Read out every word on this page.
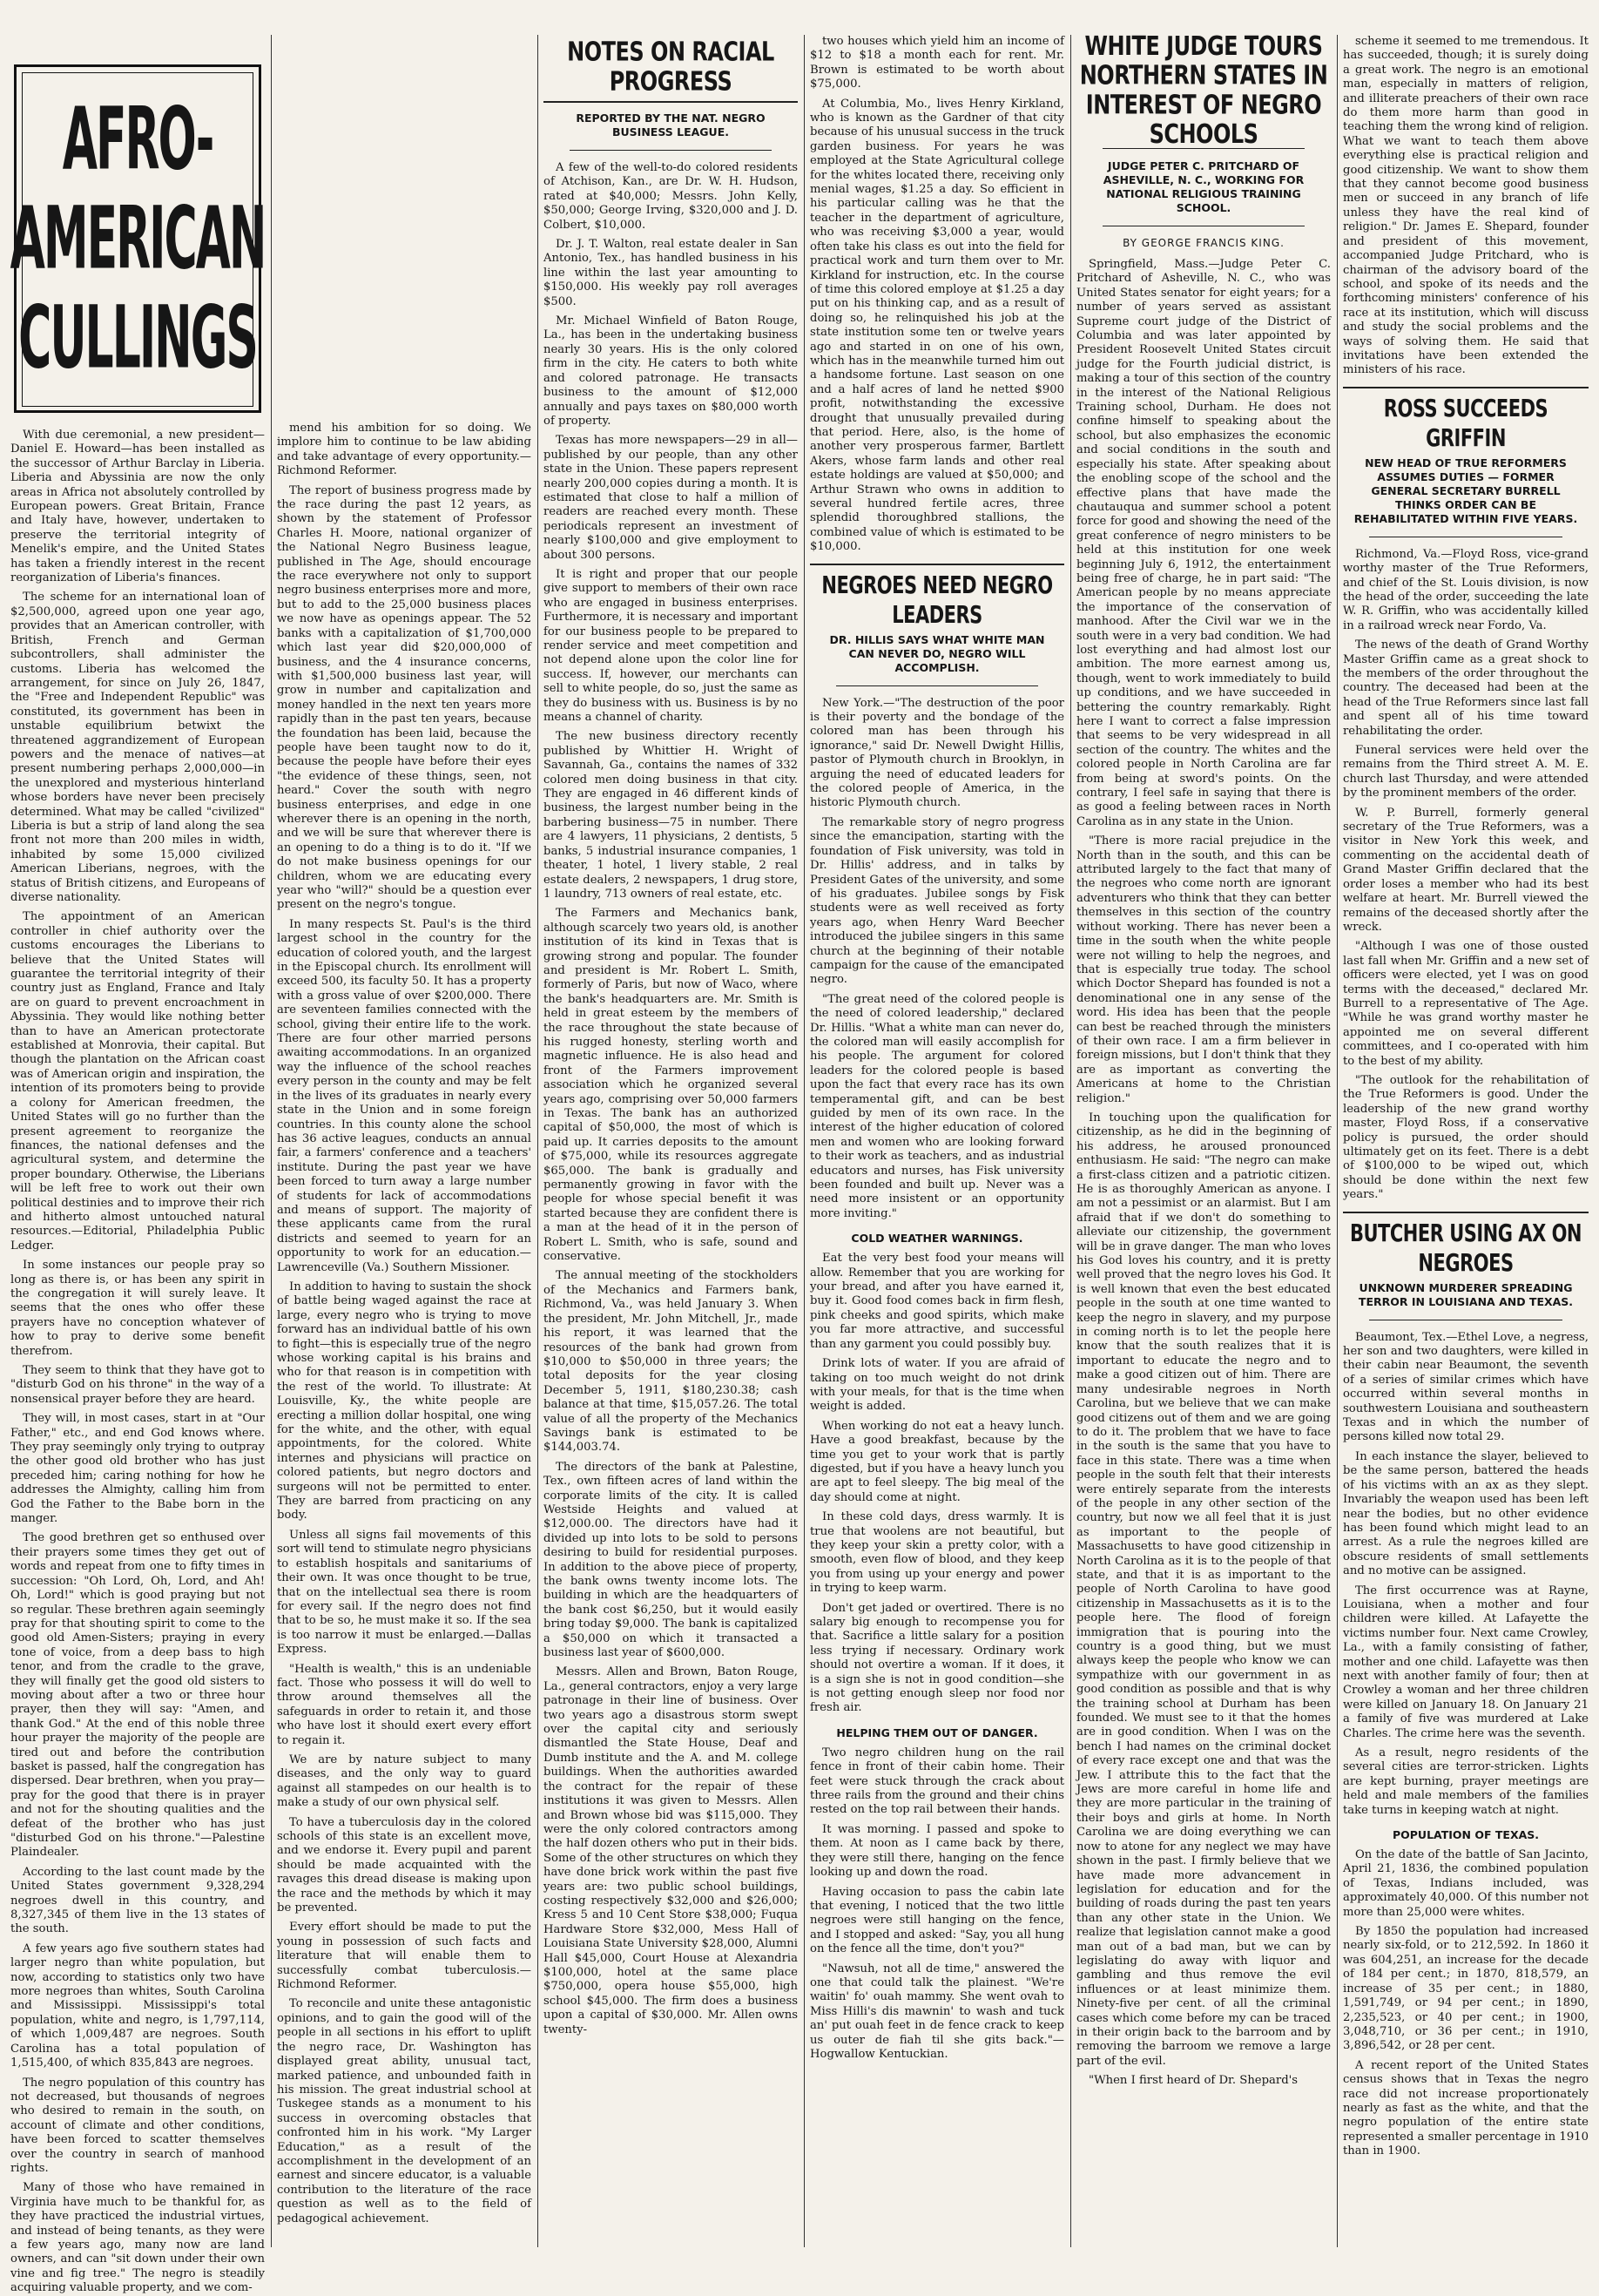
AFRO-AMERICAN CULLINGS

With due ceremonial, a new president—Daniel E. Howard—has been installed as the successor of Arthur Barclay in Liberia. Liberia and Abyssinia are now the only areas in Africa not absolutely controlled by European powers. Great Britain, France and Italy have, however, undertaken to preserve the territorial integrity of Menelik's empire, and the United States has taken a friendly interest in the recent reorganization of Liberia's finances.

The scheme for an international loan of $2,500,000, agreed upon one year ago, provides that an American controller, with British, French and German subcontrollers, shall administer the customs. Liberia has welcomed the arrangement, for since on July 26, 1847, the "Free and Independent Republic" was constituted, its government has been in unstable equilibrium betwixt the threatened aggrandizement of European powers and the menace of natives—at present numbering perhaps 2,000,000—in the unexplored and mysterious hinterland whose borders have never been precisely determined. What may be called "civilized" Liberia is but a strip of land along the sea front not more than 200 miles in width, inhabited by some 15,000 civilized American Liberians, negroes, with the status of British citizens, and Europeans of diverse nationality.

The appointment of an American controller in chief authority over the customs encourages the Liberians to believe that the United States will guarantee the territorial integrity of their country just as England, France and Italy are on guard to prevent encroachment in Abyssinia. They would like nothing better than to have an American protectorate established at Monrovia, their capital. But though the plantation on the African coast was of American origin and inspiration, the intention of its promoters being to provide a colony for American freedmen, the United States will go no further than the present agreement to reorganize the finances, the national defenses and the agricultural system, and determine the proper boundary. Otherwise, the Liberians will be left free to work out their own political destinies and to improve their rich and hitherto almost untouched natural resources.—Editorial, Philadelphia Public Ledger.

In some instances our people pray so long as there is, or has been any spirit in the congregation it will surely leave. It seems that the ones who offer these prayers have no conception whatever of how to pray to derive some benefit therefrom.

They seem to think that they have got to "disturb God on his throne" in the way of a nonsensical prayer before they are heard.

They will, in most cases, start in at "Our Father," etc., and end God knows where. They pray seemingly only trying to outpray the other good old brother who has just preceded him; caring nothing for how he addresses the Almighty, calling him from God the Father to the Babe born in the manger.

The good brethren get so enthused over their prayers some times they get out of words and repeat from one to fifty times in succession: "Oh Lord, Oh, Lord, and Ah! Oh, Lord!" which is good praying but not so regular. These brethren again seemingly pray for that shouting spirit to come to the good old Amen-Sisters; praying in every tone of voice, from a deep bass to high tenor, and from the cradle to the grave, they will finally get the good old sisters to moving about after a two or three hour prayer, then they will say: "Amen, and thank God." At the end of this noble three hour prayer the majority of the people are tired out and before the contribution basket is passed, half the congregation has dispersed. Dear brethren, when you pray—pray for the good that there is in prayer and not for the shouting qualities and the defeat of the brother who has just "disturbed God on his throne."—Palestine Plaindealer.

According to the last count made by the United States government 9,328,294 negroes dwell in this country, and 8,327,345 of them live in the 13 states of the south.

A few years ago five southern states had larger negro than white population, but now, according to statistics only two have more negroes than whites, South Carolina and Mississippi. Mississippi's total population, white and negro, is 1,797,114, of which 1,009,487 are negroes. South Carolina has a total population of 1,515,400, of which 835,843 are negroes.

The negro population of this country has not decreased, but thousands of negroes who desired to remain in the south, on account of climate and other conditions, have been forced to scatter themselves over the country in search of manhood rights.

Many of those who have remained in Virginia have much to be thankful for, as they have practiced the industrial virtues, and instead of being tenants, as they were a few years ago, many now are land owners, and can "sit down under their own vine and fig tree." The negro is steadily acquiring valuable property, and we com-

mend his ambition for so doing. We implore him to continue to be law abiding and take advantage of every opportunity.—Richmond Reformer.

The report of business progress made by the race during the past 12 years, as shown by the statement of Professor Charles H. Moore, national organizer of the National Negro Business league, published in The Age, should encourage the race everywhere not only to support negro business enterprises more and more, but to add to the 25,000 business places we now have as openings appear. The 52 banks with a capitalization of $1,700,000 which last year did $20,000,000 of business, and the 4 insurance concerns, with $1,500,000 business last year, will grow in number and capitalization and money handled in the next ten years more rapidly than in the past ten years, because the foundation has been laid, because the people have been taught now to do it, because the people have before their eyes "the evidence of these things, seen, not heard." Cover the south with negro business enterprises, and edge in one wherever there is an opening in the north, and we will be sure that wherever there is an opening to do a thing is to do it. "If we do not make business openings for our children, whom we are educating every year who "will?" should be a question ever present on the negro's tongue.

In many respects St. Paul's is the third largest school in the country for the education of colored youth, and the largest in the Episcopal church. Its enrollment will exceed 500, its faculty 50. It has a property with a gross value of over $200,000. There are seventeen families connected with the school, giving their entire life to the work. There are four other married persons awaiting accommodations. In an organized way the influence of the school reaches every person in the county and may be felt in the lives of its graduates in nearly every state in the Union and in some foreign countries. In this county alone the school has 36 active leagues, conducts an annual fair, a farmers' conference and a teachers' institute. During the past year we have been forced to turn away a large number of students for lack of accommodations and means of support. The majority of these applicants came from the rural districts and seemed to yearn for an opportunity to work for an education.—Lawrenceville (Va.) Southern Missioner.

In addition to having to sustain the shock of battle being waged against the race at large, every negro who is trying to move forward has an individual battle of his own to fight—this is especially true of the negro whose working capital is his brains and who for that reason is in competition with the rest of the world. To illustrate: At Louisville, Ky., the white people are erecting a million dollar hospital, one wing for the white, and the other, with equal appointments, for the colored. White internes and physicians will practice on colored patients, but negro doctors and surgeons will not be permitted to enter. They are barred from practicing on any body.

Unless all signs fail movements of this sort will tend to stimulate negro physicians to establish hospitals and sanitariums of their own. It was once thought to be true, that on the intellectual sea there is room for every sail. If the negro does not find that to be so, he must make it so. If the sea is too narrow it must be enlarged.—Dallas Express.

"Health is wealth," this is an undeniable fact. Those who possess it will do well to throw around themselves all the safeguards in order to retain it, and those who have lost it should exert every effort to regain it.

We are by nature subject to many diseases, and the only way to guard against all stampedes on our health is to make a study of our own physical self.

To have a tuberculosis day in the colored schools of this state is an excellent move, and we endorse it. Every pupil and parent should be made acquainted with the ravages this dread disease is making upon the race and the methods by which it may be prevented.

Every effort should be made to put the young in possession of such facts and literature that will enable them to successfully combat tuberculosis.—Richmond Reformer.

To reconcile and unite these antagonistic opinions, and to gain the good will of the people in all sections in his effort to uplift the negro race, Dr. Washington has displayed great ability, unusual tact, marked patience, and unbounded faith in his mission. The great industrial school at Tuskegee stands as a monument to his success in overcoming obstacles that confronted him in his work. "My Larger Education," as a result of the accomplishment in the development of an earnest and sincere educator, is a valuable contribution to the literature of the race question as well as to the field of pedagogical achievement.

NOTES ON RACIAL PROGRESS
REPORTED BY THE NAT. NEGRO BUSINESS LEAGUE.

A few of the well-to-do colored residents of Atchison, Kan., are Dr. W. H. Hudson, rated at $40,000; Messrs. John Kelly, $50,000; George Irving, $320,000 and J. D. Colbert, $10,000.

Dr. J. T. Walton, real estate dealer in San Antonio, Tex., has handled business in his line within the last year amounting to $150,000. His weekly pay roll averages $500.

Mr. Michael Winfield of Baton Rouge, La., has been in the undertaking business nearly 30 years. His is the only colored firm in the city. He caters to both white and colored patronage. He transacts business to the amount of $12,000 annually and pays taxes on $80,000 worth of property.

Texas has more newspapers—29 in all—published by our people, than any other state in the Union. These papers represent nearly 200,000 copies during a month. It is estimated that close to half a million of readers are reached every month. These periodicals represent an investment of nearly $100,000 and give employment to about 300 persons.

It is right and proper that our people give support to members of their own race who are engaged in business enterprises. Furthermore, it is necessary and important for our business people to be prepared to render service and meet competition and not depend alone upon the color line for success. If, however, our merchants can sell to white people, do so, just the same as they do business with us. Business is by no means a channel of charity.

The new business directory recently published by Whittier H. Wright of Savannah, Ga., contains the names of 332 colored men doing business in that city. They are engaged in 46 different kinds of business, the largest number being in the barbering business—75 in number. There are 4 lawyers, 11 physicians, 2 dentists, 5 banks, 5 industrial insurance companies, 1 theater, 1 hotel, 1 livery stable, 2 real estate dealers, 2 newspapers, 1 drug store, 1 laundry, 713 owners of real estate, etc.

The Farmers and Mechanics bank, although scarcely two years old, is another institution of its kind in Texas that is growing strong and popular. The founder and president is Mr. Robert L. Smith, formerly of Paris, but now of Waco, where the bank's headquarters are. Mr. Smith is held in great esteem by the members of the race throughout the state because of his rugged honesty, sterling worth and magnetic influence. He is also head and front of the Farmers improvement association which he organized several years ago, comprising over 50,000 farmers in Texas. The bank has an authorized capital of $50,000, the most of which is paid up. It carries deposits to the amount of $75,000, while its resources aggregate $65,000. The bank is gradually and permanently growing in favor with the people for whose special benefit it was started because they are confident there is a man at the head of it in the person of Robert L. Smith, who is safe, sound and conservative.

The annual meeting of the stockholders of the Mechanics and Farmers bank, Richmond, Va., was held January 3. When the president, Mr. John Mitchell, Jr., made his report, it was learned that the resources of the bank had grown from $10,000 to $50,000 in three years; the total deposits for the year closing December 5, 1911, $180,230.38; cash balance at that time, $15,057.26. The total value of all the property of the Mechanics Savings bank is estimated to be $144,003.74.

The directors of the bank at Palestine, Tex., own fifteen acres of land within the corporate limits of the city. It is called Westside Heights and valued at $12,000.00. The directors have had it divided up into lots to be sold to persons desiring to build for residential purposes. In addition to the above piece of property, the bank owns twenty income lots. The building in which are the headquarters of the bank cost $6,250, but it would easily bring today $9,000. The bank is capitalized a $50,000 on which it transacted a business last year of $600,000.

Messrs. Allen and Brown, Baton Rouge, La., general contractors, enjoy a very large patronage in their line of business. Over two years ago a disastrous storm swept over the capital city and seriously dismantled the State House, Deaf and Dumb institute and the A. and M. college buildings. When the authorities awarded the contract for the repair of these institutions it was given to Messrs. Allen and Brown whose bid was $115,000. They were the only colored contractors among the half dozen others who put in their bids. Some of the other structures on which they have done brick work within the past five years are: two public school buildings, costing respectively $32,000 and $26,000; Kress 5 and 10 Cent Store $38,000; Fuqua Hardware Store $32,000, Mess Hall of Louisiana State University $28,000, Alumni Hall $45,000, Court House at Alexandria $100,000, hotel at the same place $750,000, opera house $55,000, high school $45,000. The firm does a business upon a capital of $30,000. Mr. Allen owns twenty-

two houses which yield him an income of $12 to $18 a month each for rent. Mr. Brown is estimated to be worth about $75,000.

At Columbia, Mo., lives Henry Kirkland, who is known as the Gardner of that city because of his unusual success in the truck garden business. For years he was employed at the State Agricultural college for the whites located there, receiving only menial wages, $1.25 a day. So efficient in his particular calling was he that the teacher in the department of agriculture, who was receiving $3,000 a year, would often take his class es out into the field for practical work and turn them over to Mr. Kirkland for instruction, etc. In the course of time this colored employe at $1.25 a day put on his thinking cap, and as a result of doing so, he relinquished his job at the state institution some ten or twelve years ago and started in on one of his own, which has in the meanwhile turned him out a handsome fortune. Last season on one and a half acres of land he netted $900 profit, notwithstanding the excessive drought that unusually prevailed during that period. Here, also, is the home of another very prosperous farmer, Bartlett Akers, whose farm lands and other real estate holdings are valued at $50,000; and Arthur Strawn who owns in addition to several hundred fertile acres, three splendid thoroughbred stallions, the combined value of which is estimated to be $10,000.

NEGROES NEED NEGRO LEADERS
DR. HILLIS SAYS WHAT WHITE MAN CAN NEVER DO, NEGRO WILL ACCOMPLISH.

New York.—"The destruction of the poor is their poverty and the bondage of the colored man has been through his ignorance," said Dr. Newell Dwight Hillis, pastor of Plymouth church in Brooklyn, in arguing the need of educated leaders for the colored people of America, in the historic Plymouth church.

The remarkable story of negro progress since the emancipation, starting with the foundation of Fisk university, was told in Dr. Hillis' address, and in talks by President Gates of the university, and some of his graduates. Jubilee songs by Fisk students were as well received as forty years ago, when Henry Ward Beecher introduced the jubilee singers in this same church at the beginning of their notable campaign for the cause of the emancipated negro.

"The great need of the colored people is the need of colored leadership," declared Dr. Hillis. "What a white man can never do, the colored man will easily accomplish for his people. The argument for colored leaders for the colored people is based upon the fact that every race has its own temperamental gift, and can be best guided by men of its own race. In the interest of the higher education of colored men and women who are looking forward to their work as teachers, and as industrial educators and nurses, has Fisk university been founded and built up. Never was a need more insistent or an opportunity more inviting."

COLD WEATHER WARNINGS.

Eat the very best food your means will allow. Remember that you are working for your bread, and after you have earned it, buy it. Good food comes back in firm flesh, pink cheeks and good spirits, which make you far more attractive, and successful than any garment you could possibly buy.

Drink lots of water. If you are afraid of taking on too much weight do not drink with your meals, for that is the time when weight is added.

When working do not eat a heavy lunch. Have a good breakfast, because by the time you get to your work that is partly digested, but if you have a heavy lunch you are apt to feel sleepy. The big meal of the day should come at night.

In these cold days, dress warmly. It is true that woolens are not beautiful, but they keep your skin a pretty color, with a smooth, even flow of blood, and they keep you from using up your energy and power in trying to keep warm.

Don't get jaded or overtired. There is no salary big enough to recompense you for that. Sacrifice a little salary for a position less trying if necessary. Ordinary work should not overtire a woman. If it does, it is a sign she is not in good condition—she is not getting enough sleep nor food nor fresh air.

HELPING THEM OUT OF DANGER.

Two negro children hung on the rail fence in front of their cabin home. Their feet were stuck through the crack about three rails from the ground and their chins rested on the top rail between their hands.

It was morning. I passed and spoke to them. At noon as I came back by there, they were still there, hanging on the fence looking up and down the road.

Having occasion to pass the cabin late that evening, I noticed that the two little negroes were still hanging on the fence, and I stopped and asked: "Say, you all hung on the fence all the time, don't you?"

"Nawsuh, not all de time," answered the one that could talk the plainest. "We're waitin' fo' ouah mammy. She went ovah to Miss Hilli's dis mawnin' to wash and tuck an' put ouah feet in de fence crack to keep us outer de fiah til she gits back."—Hogwallow Kentuckian.

WHITE JUDGE TOURS NORTHERN STATES IN INTEREST OF NEGRO SCHOOLS
JUDGE PETER C. PRITCHARD OF ASHEVILLE, N. C., WORKING FOR NATIONAL RELIGIOUS TRAINING SCHOOL.
BY GEORGE FRANCIS KING.

Springfield, Mass.—Judge Peter C. Pritchard of Asheville, N. C., who was United States senator for eight years; for a number of years served as assistant Supreme court judge of the District of Columbia and was later appointed by President Roosevelt United States circuit judge for the Fourth judicial district, is making a tour of this section of the country in the interest of the National Religious Training school, Durham. He does not confine himself to speaking about the school, but also emphasizes the economic and social conditions in the south and especially his state. After speaking about the enobling scope of the school and the effective plans that have made the chautauqua and summer school a potent force for good and showing the need of the great conference of negro ministers to be held at this institution for one week beginning July 6, 1912, the entertainment being free of charge, he in part said: "The American people by no means appreciate the importance of the conservation of manhood. After the Civil war we in the south were in a very bad condition. We had lost everything and had almost lost our ambition. The more earnest among us, though, went to work immediately to build up conditions, and we have succeeded in bettering the country remarkably. Right here I want to correct a false impression that seems to be very widespread in all section of the country. The whites and the colored people in North Carolina are far from being at sword's points. On the contrary, I feel safe in saying that there is as good a feeling between races in North Carolina as in any state in the Union.

"There is more racial prejudice in the North than in the south, and this can be attributed largely to the fact that many of the negroes who come north are ignorant adventurers who think that they can better themselves in this section of the country without working. There has never been a time in the south when the white people were not willing to help the negroes, and that is especially true today. The school which Doctor Shepard has founded is not a denominational one in any sense of the word. His idea has been that the people can best be reached through the ministers of their own race. I am a firm believer in foreign missions, but I don't think that they are as important as converting the Americans at home to the Christian religion."

In touching upon the qualification for citizenship, as he did in the beginning of his address, he aroused pronounced enthusiasm. He said: "The negro can make a first-class citizen and a patriotic citizen. He is as thoroughly American as anyone. I am not a pessimist or an alarmist. But I am afraid that if we don't do something to alleviate our citizenship, the government will be in grave danger. The man who loves his God loves his country, and it is pretty well proved that the negro loves his God. It is well known that even the best educated people in the south at one time wanted to keep the negro in slavery, and my purpose in coming north is to let the people here know that the south realizes that it is important to educate the negro and to make a good citizen out of him. There are many undesirable negroes in North Carolina, but we believe that we can make good citizens out of them and we are going to do it. The problem that we have to face in the south is the same that you have to face in this state. There was a time when people in the south felt that their interests were entirely separate from the interests of the people in any other section of the country, but now we all feel that it is just as important to the people of Massachusetts to have good citizenship in North Carolina as it is to the people of that state, and that it is as important to the people of North Carolina to have good citizenship in Massachusetts as it is to the people here. The flood of foreign immigration that is pouring into the country is a good thing, but we must always keep the people who know we can sympathize with our government in as good condition as possible and that is why the training school at Durham has been founded. We must see to it that the homes are in good condition. When I was on the bench I had names on the criminal docket of every race except one and that was the Jew. I attribute this to the fact that the Jews are more careful in home life and they are more particular in the training of their boys and girls at home. In North Carolina we are doing everything we can now to atone for any neglect we may have shown in the past. I firmly believe that we have made more advancement in legislation for education and for the building of roads during the past ten years than any other state in the Union. We realize that legislation cannot make a good man out of a bad man, but we can by legislating do away with liquor and gambling and thus remove the evil influences or at least minimize them. Ninety-five per cent. of all the criminal cases which come before my can be traced in their origin back to the barroom and by removing the barroom we remove a large part of the evil.

"When I first heard of Dr. Shepard's

scheme it seemed to me tremendous. It has succeeded, though; it is surely doing a great work. The negro is an emotional man, especially in matters of religion, and illiterate preachers of their own race do them more harm than good in teaching them the wrong kind of religion. What we want to teach them above everything else is practical religion and good citizenship. We want to show them that they cannot become good business men or succeed in any branch of life unless they have the real kind of religion." Dr. James E. Shepard, founder and president of this movement, accompanied Judge Pritchard, who is chairman of the advisory board of the school, and spoke of its needs and the forthcoming ministers' conference of his race at its institution, which will discuss and study the social problems and the ways of solving them. He said that invitations have been extended the ministers of his race.

ROSS SUCCEEDS GRIFFIN
NEW HEAD OF TRUE REFORMERS ASSUMES DUTIES — FORMER GENERAL SECRETARY BURRELL THINKS ORDER CAN BE REHABILITATED WITHIN FIVE YEARS.

Richmond, Va.—Floyd Ross, vice-grand worthy master of the True Reformers, and chief of the St. Louis division, is now the head of the order, succeeding the late W. R. Griffin, who was accidentally killed in a railroad wreck near Fordo, Va.

The news of the death of Grand Worthy Master Griffin came as a great shock to the members of the order throughout the country. The deceased had been at the head of the True Reformers since last fall and spent all of his time toward rehabilitating the order.

Funeral services were held over the remains from the Third street A. M. E. church last Thursday, and were attended by the prominent members of the order.

W. P. Burrell, formerly general secretary of the True Reformers, was a visitor in New York this week, and commenting on the accidental death of Grand Master Griffin declared that the order loses a member who had its best welfare at heart. Mr. Burrell viewed the remains of the deceased shortly after the wreck.

"Although I was one of those ousted last fall when Mr. Griffin and a new set of officers were elected, yet I was on good terms with the deceased," declared Mr. Burrell to a representative of The Age. "While he was grand worthy master he appointed me on several different committees, and I co-operated with him to the best of my ability.

"The outlook for the rehabilitation of the True Reformers is good. Under the leadership of the new grand worthy master, Floyd Ross, if a conservative policy is pursued, the order should ultimately get on its feet. There is a debt of $100,000 to be wiped out, which should be done within the next few years."

BUTCHER USING AX ON NEGROES
UNKNOWN MURDERER SPREADING TERROR IN LOUISIANA AND TEXAS.

Beaumont, Tex.—Ethel Love, a negress, her son and two daughters, were killed in their cabin near Beaumont, the seventh of a series of similar crimes which have occurred within several months in southwestern Louisiana and southeastern Texas and in which the number of persons killed now total 29.

In each instance the slayer, believed to be the same person, battered the heads of his victims with an ax as they slept. Invariably the weapon used has been left near the bodies, but no other evidence has been found which might lead to an arrest. As a rule the negroes killed are obscure residents of small settlements and no motive can be assigned.

The first occurrence was at Rayne, Louisiana, when a mother and four children were killed. At Lafayette the victims number four. Next came Crowley, La., with a family consisting of father, mother and one child. Lafayette was then next with another family of four; then at Crowley a woman and her three children were killed on January 18. On January 21 a family of five was murdered at Lake Charles. The crime here was the seventh.

As a result, negro residents of the several cities are terror-stricken. Lights are kept burning, prayer meetings are held and male members of the families take turns in keeping watch at night.

POPULATION OF TEXAS.

On the date of the battle of San Jacinto, April 21, 1836, the combined population of Texas, Indians included, was approximately 40,000. Of this number not more than 25,000 were whites.

By 1850 the population had increased nearly six-fold, or to 212,592. In 1860 it was 604,251, an increase for the decade of 184 per cent.; in 1870, 818,579, an increase of 35 per cent.; in 1880, 1,591,749, or 94 per cent.; in 1890, 2,235,523, or 40 per cent.; in 1900, 3,048,710, or 36 per cent.; in 1910, 3,896,542, or 28 per cent.

A recent report of the United States census shows that in Texas the negro race did not increase proportionately nearly as fast as the white, and that the negro population of the entire state represented a smaller percentage in 1910 than in 1900.
